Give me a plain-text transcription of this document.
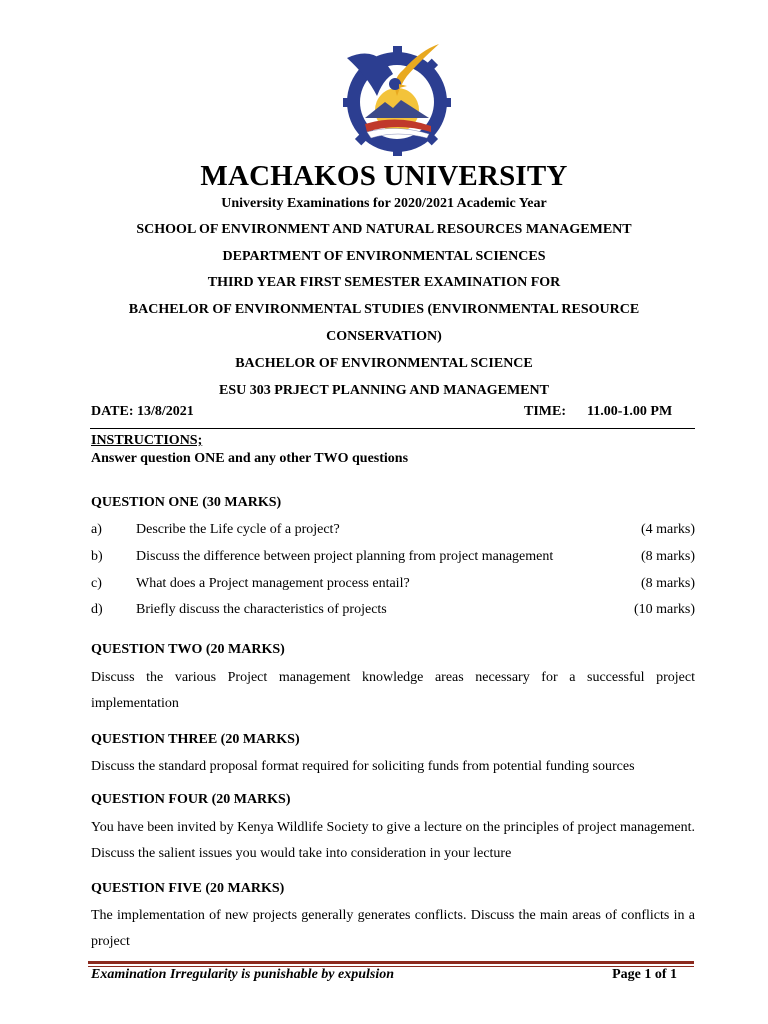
MACHAKOS UNIVERSITY
University Examinations for 2020/2021 Academic Year
SCHOOL OF ENVIRONMENT AND NATURAL RESOURCES MANAGEMENT
DEPARTMENT OF ENVIRONMENTAL SCIENCES
THIRD YEAR FIRST SEMESTER EXAMINATION FOR
BACHELOR OF ENVIRONMENTAL STUDIES (ENVIRONMENTAL RESOURCE
CONSERVATION)
BACHELOR OF ENVIRONMENTAL SCIENCE
ESU 303 PRJECT PLANNING AND MANAGEMENT
DATE: 13/8/2021	TIME: 11.00-1.00 PM
INSTRUCTIONS;
Answer question ONE and any other TWO questions
QUESTION ONE (30 MARKS)
a) Describe the Life cycle of a project?	(4 marks)
b) Discuss the difference between project planning from project management	(8 marks)
c) What does a Project management process entail?	(8 marks)
d) Briefly discuss the characteristics of projects	(10 marks)
QUESTION TWO (20 MARKS)
Discuss the various Project management knowledge areas necessary for a successful project implementation
QUESTION THREE (20 MARKS)
Discuss the standard proposal format required for soliciting funds from potential funding sources
QUESTION FOUR (20 MARKS)
You have been invited by Kenya Wildlife Society to give a lecture on the principles of project management. Discuss the salient issues you would take into consideration in your lecture
QUESTION FIVE (20 MARKS)
The implementation of new projects generally generates conflicts. Discuss the main areas of conflicts in a project
Examination Irregularity is punishable by expulsion	Page 1 of 1
